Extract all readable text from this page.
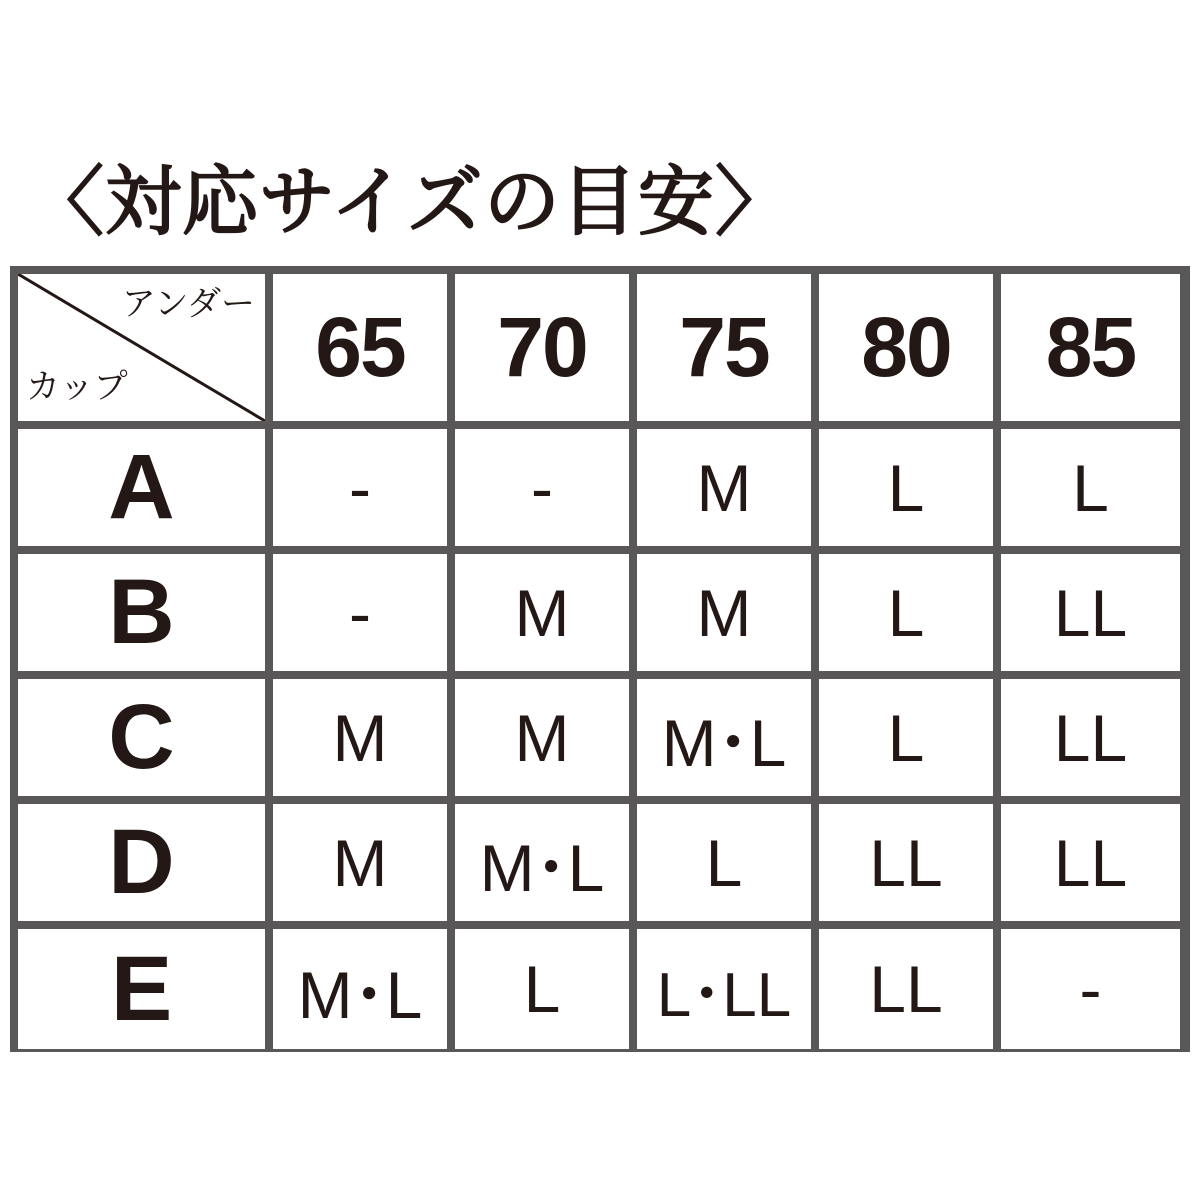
〈対応サイズの目安〉
アンダー
カップ	65	70	75	80	85
A	-	-	M	L	L
B	-	M	M	L	LL
C	M	M	M･L	L	LL
D	M	M･L	L	LL	LL
E	M･L	L	L･LL	LL	-
